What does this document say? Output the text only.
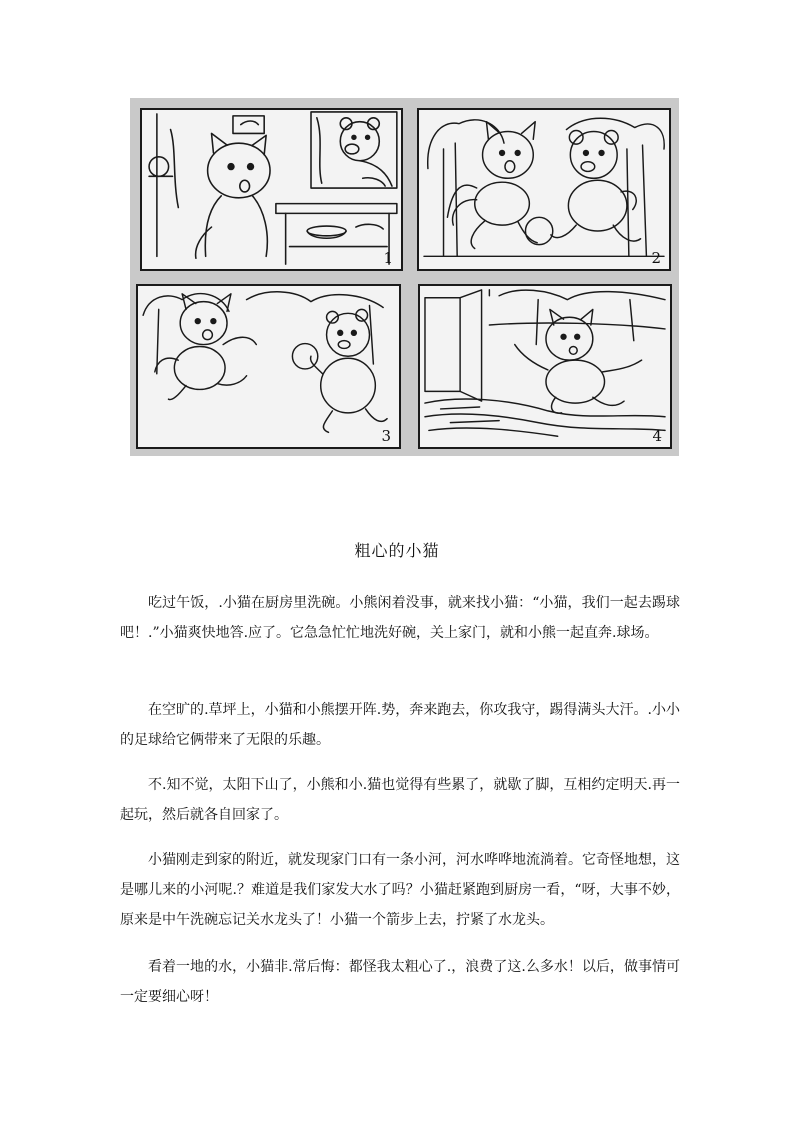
1	2
3	4
粗心的小猫

吃过午饭，.小猫在厨房里洗碗。小熊闲着没事，就来找小猫：“小猫，我们一起去踢球吧！.”小猫爽快地答.应了。它急急忙忙地洗好碗，关上家门，就和小熊一起直奔.球场。

在空旷的.草坪上，小猫和小熊摆开阵.势，奔来跑去，你攻我守，踢得满头大汗。.小小的足球给它俩带来了无限的乐趣。

不.知不觉，太阳下山了，小熊和小.猫也觉得有些累了，就歇了脚，互相约定明天.再一起玩，然后就各自回家了。

小猫刚走到家的附近，就发现家门口有一条小河，河水哗哗地流淌着。它奇怪地想，这是哪儿来的小河呢.？难道是我们家发大水了吗？小猫赶紧跑到厨房一看，“呀，大事不妙，原来是中午洗碗忘记关水龙头了！小猫一个箭步上去，拧紧了水龙头。

看着一地的水，小猫非.常后悔：都怪我太粗心了.，浪费了这.么多水！以后，做事情可一定要细心呀！
